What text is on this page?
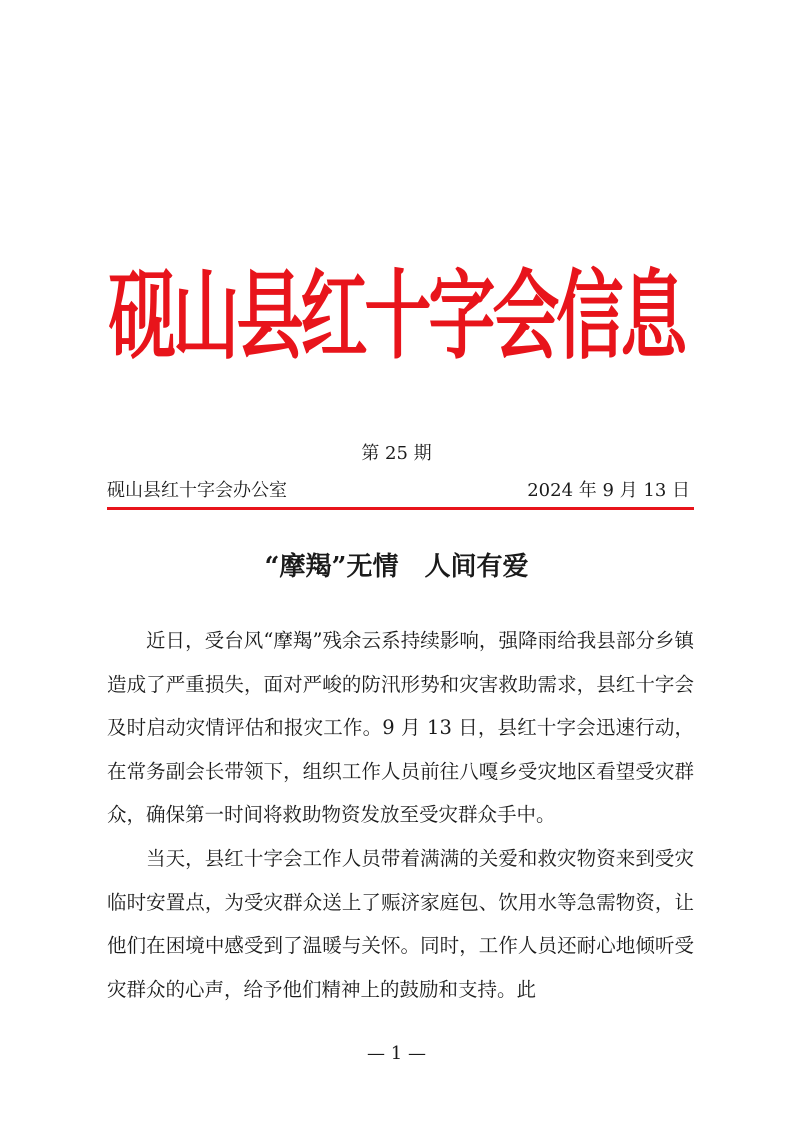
砚山县红十字会信息
第 25 期
砚山县红十字会办公室	2024 年 9 月 13 日
“摩羯”无情　人间有爱

近日，受台风“摩羯”残余云系持续影响，强降雨给我县部分乡镇造成了严重损失，面对严峻的防汛形势和灾害救助需求，县红十字会及时启动灾情评估和报灾工作。9 月 13 日，县红十字会迅速行动，在常务副会长带领下，组织工作人员前往八嘎乡受灾地区看望受灾群众，确保第一时间将救助物资发放至受灾群众手中。

当天，县红十字会工作人员带着满满的关爱和救灾物资来到受灾临时安置点，为受灾群众送上了赈济家庭包、饮用水等急需物资，让他们在困境中感受到了温暖与关怀。同时，工作人员还耐心地倾听受灾群众的心声，给予他们精神上的鼓励和支持。此

— 1 —
